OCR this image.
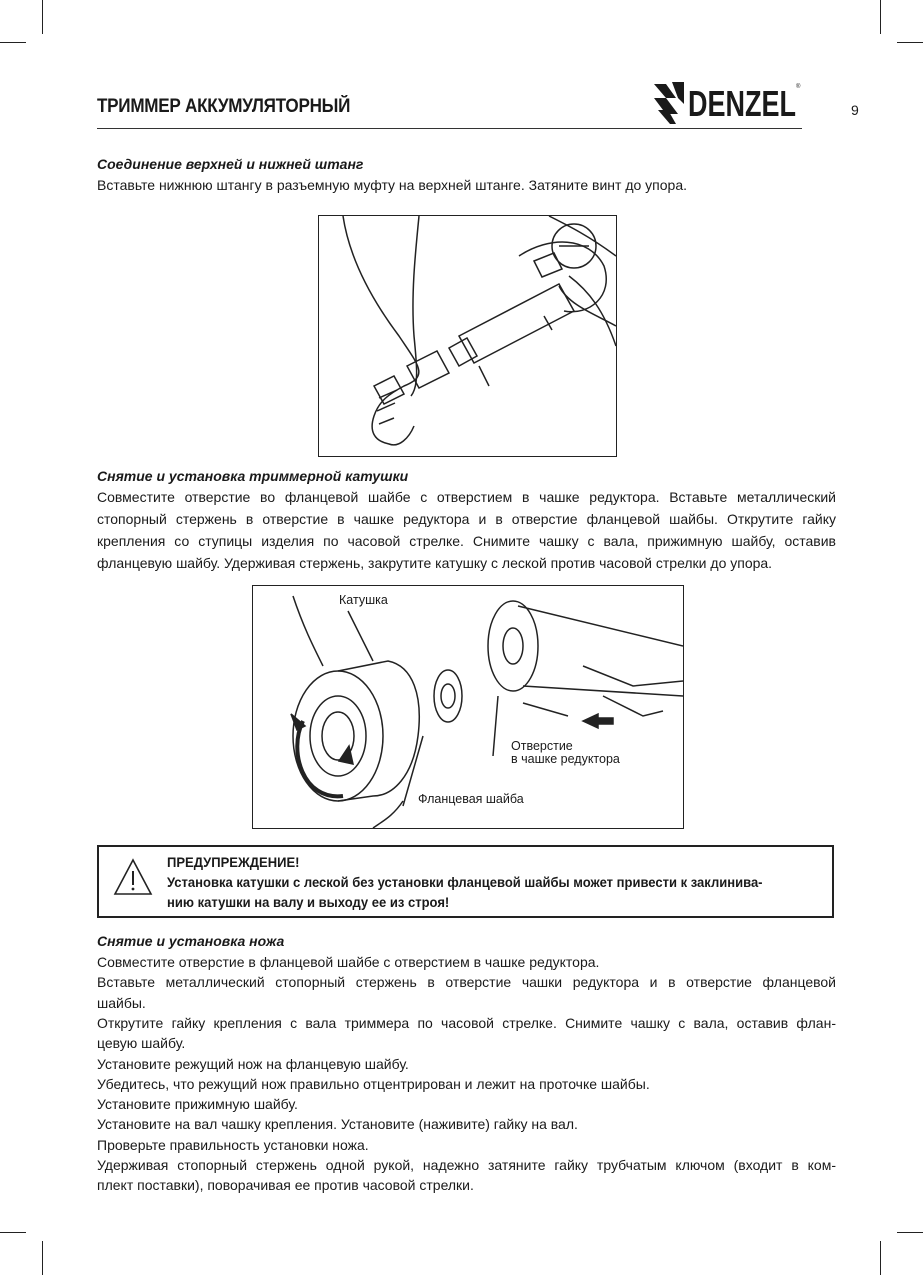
ТРИММЕР АККУМУЛЯТОРНЫЙ	DENZEL ®
9
Соединение верхней и нижней штанг
Вставьте нижнюю штангу в разъемную муфту на верхней штанге. Затяните винт до упора.
Снятие и установка триммерной катушки
Совместите отверстие во фланцевой шайбе с отверстием в чашке редуктора. Вставьте металлический
стопорный стержень в отверстие в чашке редуктора и в отверстие фланцевой шайбы. Открутите гайку
крепления со ступицы изделия по часовой стрелке. Снимите чашку с вала, прижимную шайбу, оставив
фланцевую шайбу. Удерживая стержень, закрутите катушку с леской против часовой стрелки до упора.
Катушка
Отверстие
в чашке редуктора
Фланцевая шайба
ПРЕДУПРЕЖДЕНИЕ!
Установка катушки с леской без установки фланцевой шайбы может привести к заклинива-
нию катушки на валу и выходу ее из строя!
Снятие и установка ножа
Совместите отверстие в фланцевой шайбе с отверстием в чашке редуктора.
Вставьте металлический стопорный стержень в отверстие чашки редуктора и в отверстие фланцевой
шайбы.
Открутите гайку крепления с вала триммера по часовой стрелке. Снимите чашку с вала, оставив флан-
цевую шайбу.
Установите режущий нож на фланцевую шайбу.
Убедитесь, что режущий нож правильно отцентрирован и лежит на проточке шайбы.
Установите прижимную шайбу.
Установите на вал чашку крепления. Установите (наживите) гайку на вал.
Проверьте правильность установки ножа.
Удерживая стопорный стержень одной рукой, надежно затяните гайку трубчатым ключом (входит в ком-
плект поставки), поворачивая ее против часовой стрелки.
